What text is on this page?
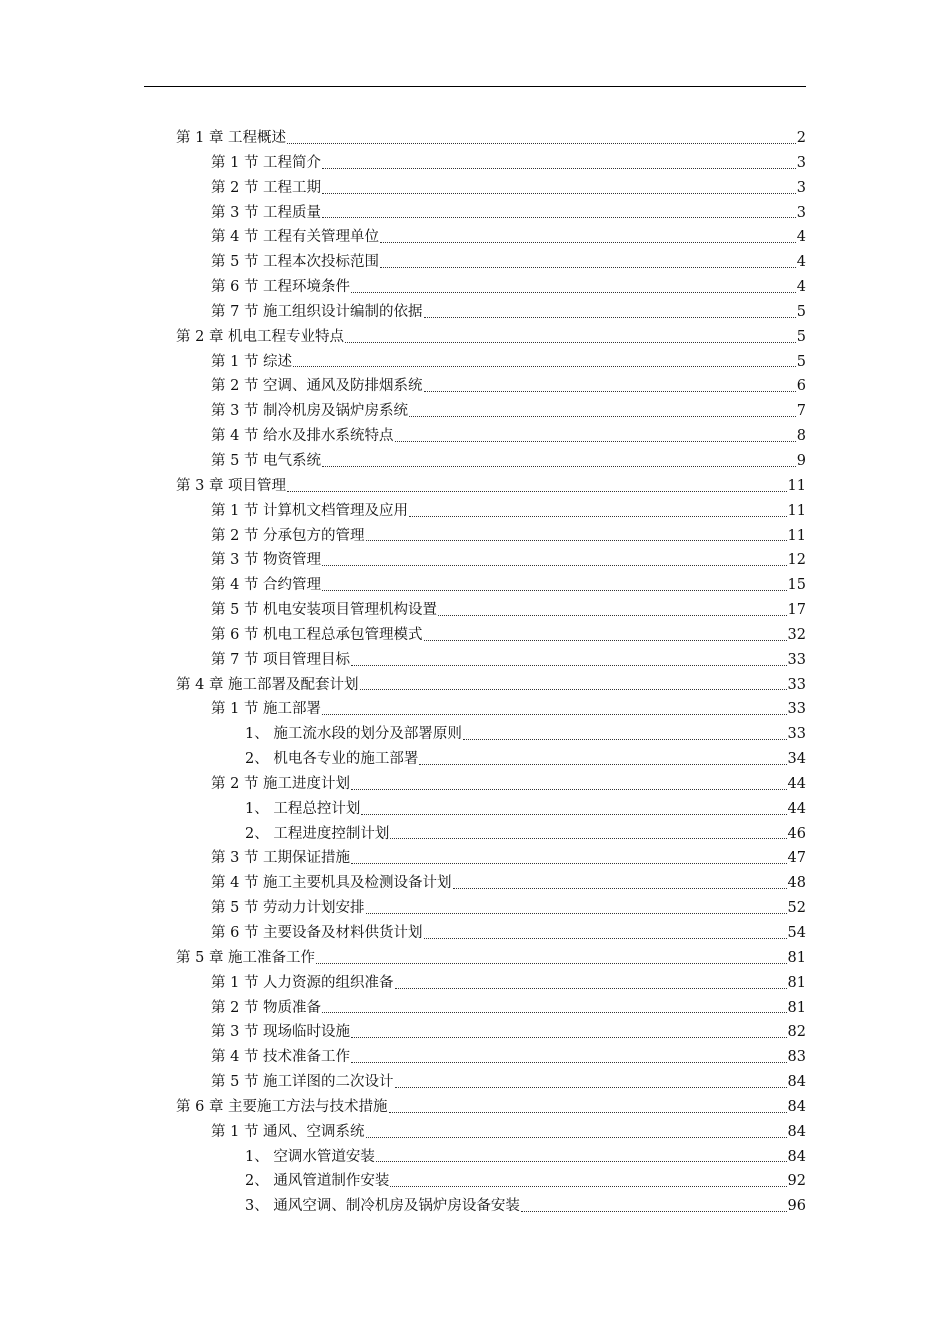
第 1 章 工程概述	2
第 1 节 工程简介	3
第 2 节 工程工期	3
第 3 节 工程质量	3
第 4 节 工程有关管理单位	4
第 5 节 工程本次投标范围	4
第 6 节 工程环境条件	4
第 7 节 施工组织设计编制的依据	5
第 2 章 机电工程专业特点	5
第 1 节 综述	5
第 2 节 空调、通风及防排烟系统	6
第 3 节 制冷机房及锅炉房系统	7
第 4 节 给水及排水系统特点	8
第 5 节 电气系统	9
第 3 章 项目管理	11
第 1 节 计算机文档管理及应用	11
第 2 节 分承包方的管理	11
第 3 节 物资管理	12
第 4 节 合约管理	15
第 5 节 机电安装项目管理机构设置	17
第 6 节 机电工程总承包管理模式	32
第 7 节 项目管理目标	33
第 4 章 施工部署及配套计划	33
第 1 节 施工部署	33
1、 施工流水段的划分及部署原则	33
2、 机电各专业的施工部署	34
第 2 节 施工进度计划	44
1、 工程总控计划	44
2、 工程进度控制计划	46
第 3 节 工期保证措施	47
第 4 节 施工主要机具及检测设备计划	48
第 5 节 劳动力计划安排	52
第 6 节 主要设备及材料供货计划	54
第 5 章 施工准备工作	81
第 1 节 人力资源的组织准备	81
第 2 节 物质准备	81
第 3 节 现场临时设施	82
第 4 节 技术准备工作	83
第 5 节 施工详图的二次设计	84
第 6 章 主要施工方法与技术措施	84
第 1 节 通风、空调系统	84
1、 空调水管道安装	84
2、 通风管道制作安装	92
3、 通风空调、制冷机房及锅炉房设备安装	96
